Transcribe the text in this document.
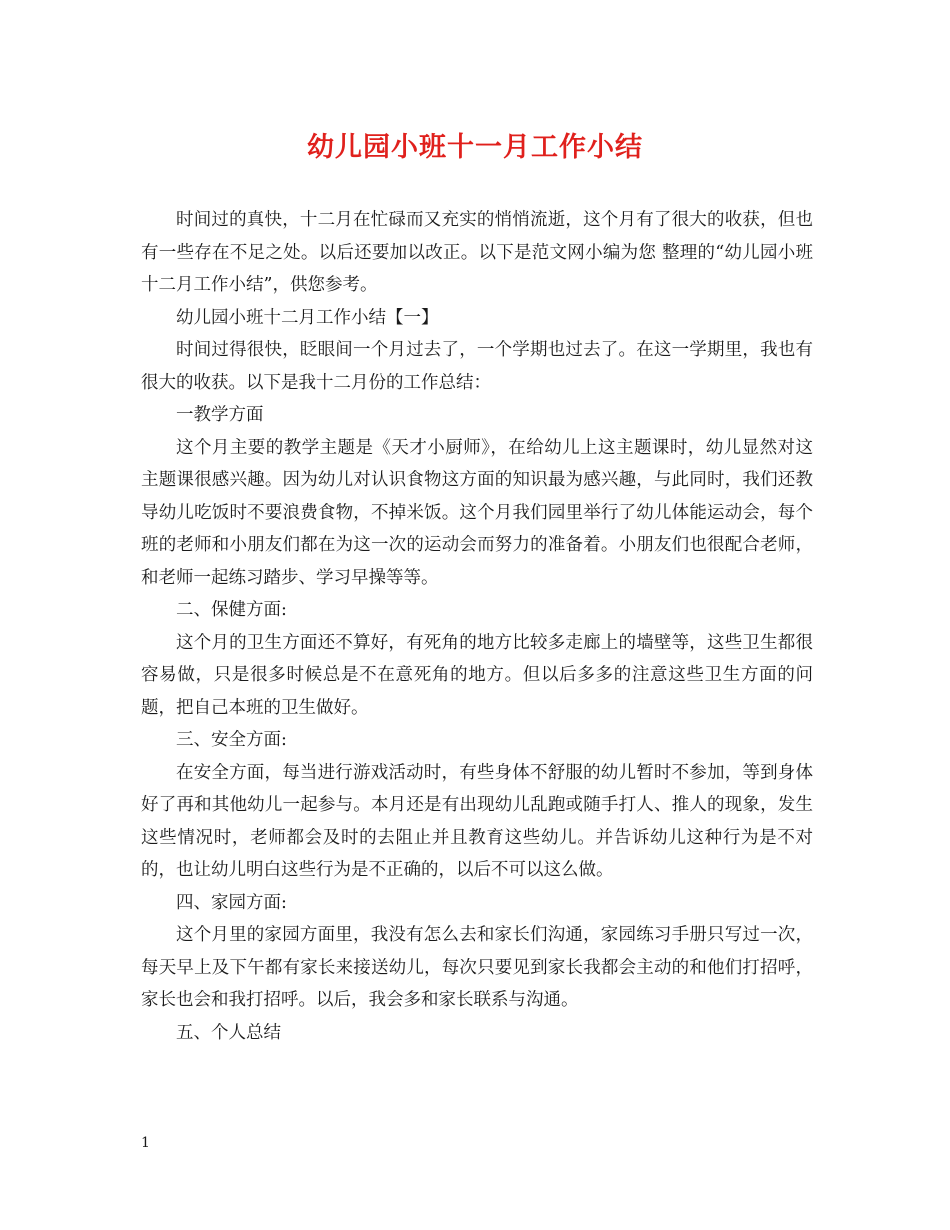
幼儿园小班十一月工作小结

时间过的真快，十二月在忙碌而又充实的悄悄流逝，这个月有了很大的收获，但也有一些存在不足之处。以后还要加以改正。以下是范文网小编为您 整理的“幼儿园小班十二月工作小结”，供您参考。

幼儿园小班十二月工作小结【一】

时间过得很快，眨眼间一个月过去了，一个学期也过去了。在这一学期里，我也有很大的收获。以下是我十二月份的工作总结：

一教学方面

这个月主要的教学主题是《天才小厨师》，在给幼儿上这主题课时，幼儿显然对这主题课很感兴趣。因为幼儿对认识食物这方面的知识最为感兴趣，与此同时，我们还教导幼儿吃饭时不要浪费食物，不掉米饭。这个月我们园里举行了幼儿体能运动会，每个班的老师和小朋友们都在为这一次的运动会而努力的准备着。小朋友们也很配合老师，和老师一起练习踏步、学习早操等等。

二、保健方面:

这个月的卫生方面还不算好，有死角的地方比较多走廊上的墙壁等，这些卫生都很容易做，只是很多时候总是不在意死角的地方。但以后多多的注意这些卫生方面的问题，把自己本班的卫生做好。

三、安全方面:

在安全方面，每当进行游戏活动时，有些身体不舒服的幼儿暂时不参加，等到身体好了再和其他幼儿一起参与。本月还是有出现幼儿乱跑或随手打人、推人的现象，发生这些情况时，老师都会及时的去阻止并且教育这些幼儿。并告诉幼儿这种行为是不对的，也让幼儿明白这些行为是不正确的，以后不可以这么做。

四、家园方面:

这个月里的家园方面里，我没有怎么去和家长们沟通，家园练习手册只写过一次，每天早上及下午都有家长来接送幼儿，每次只要见到家长我都会主动的和他们打招呼，家长也会和我打招呼。以后，我会多和家长联系与沟通。

五、个人总结

1
